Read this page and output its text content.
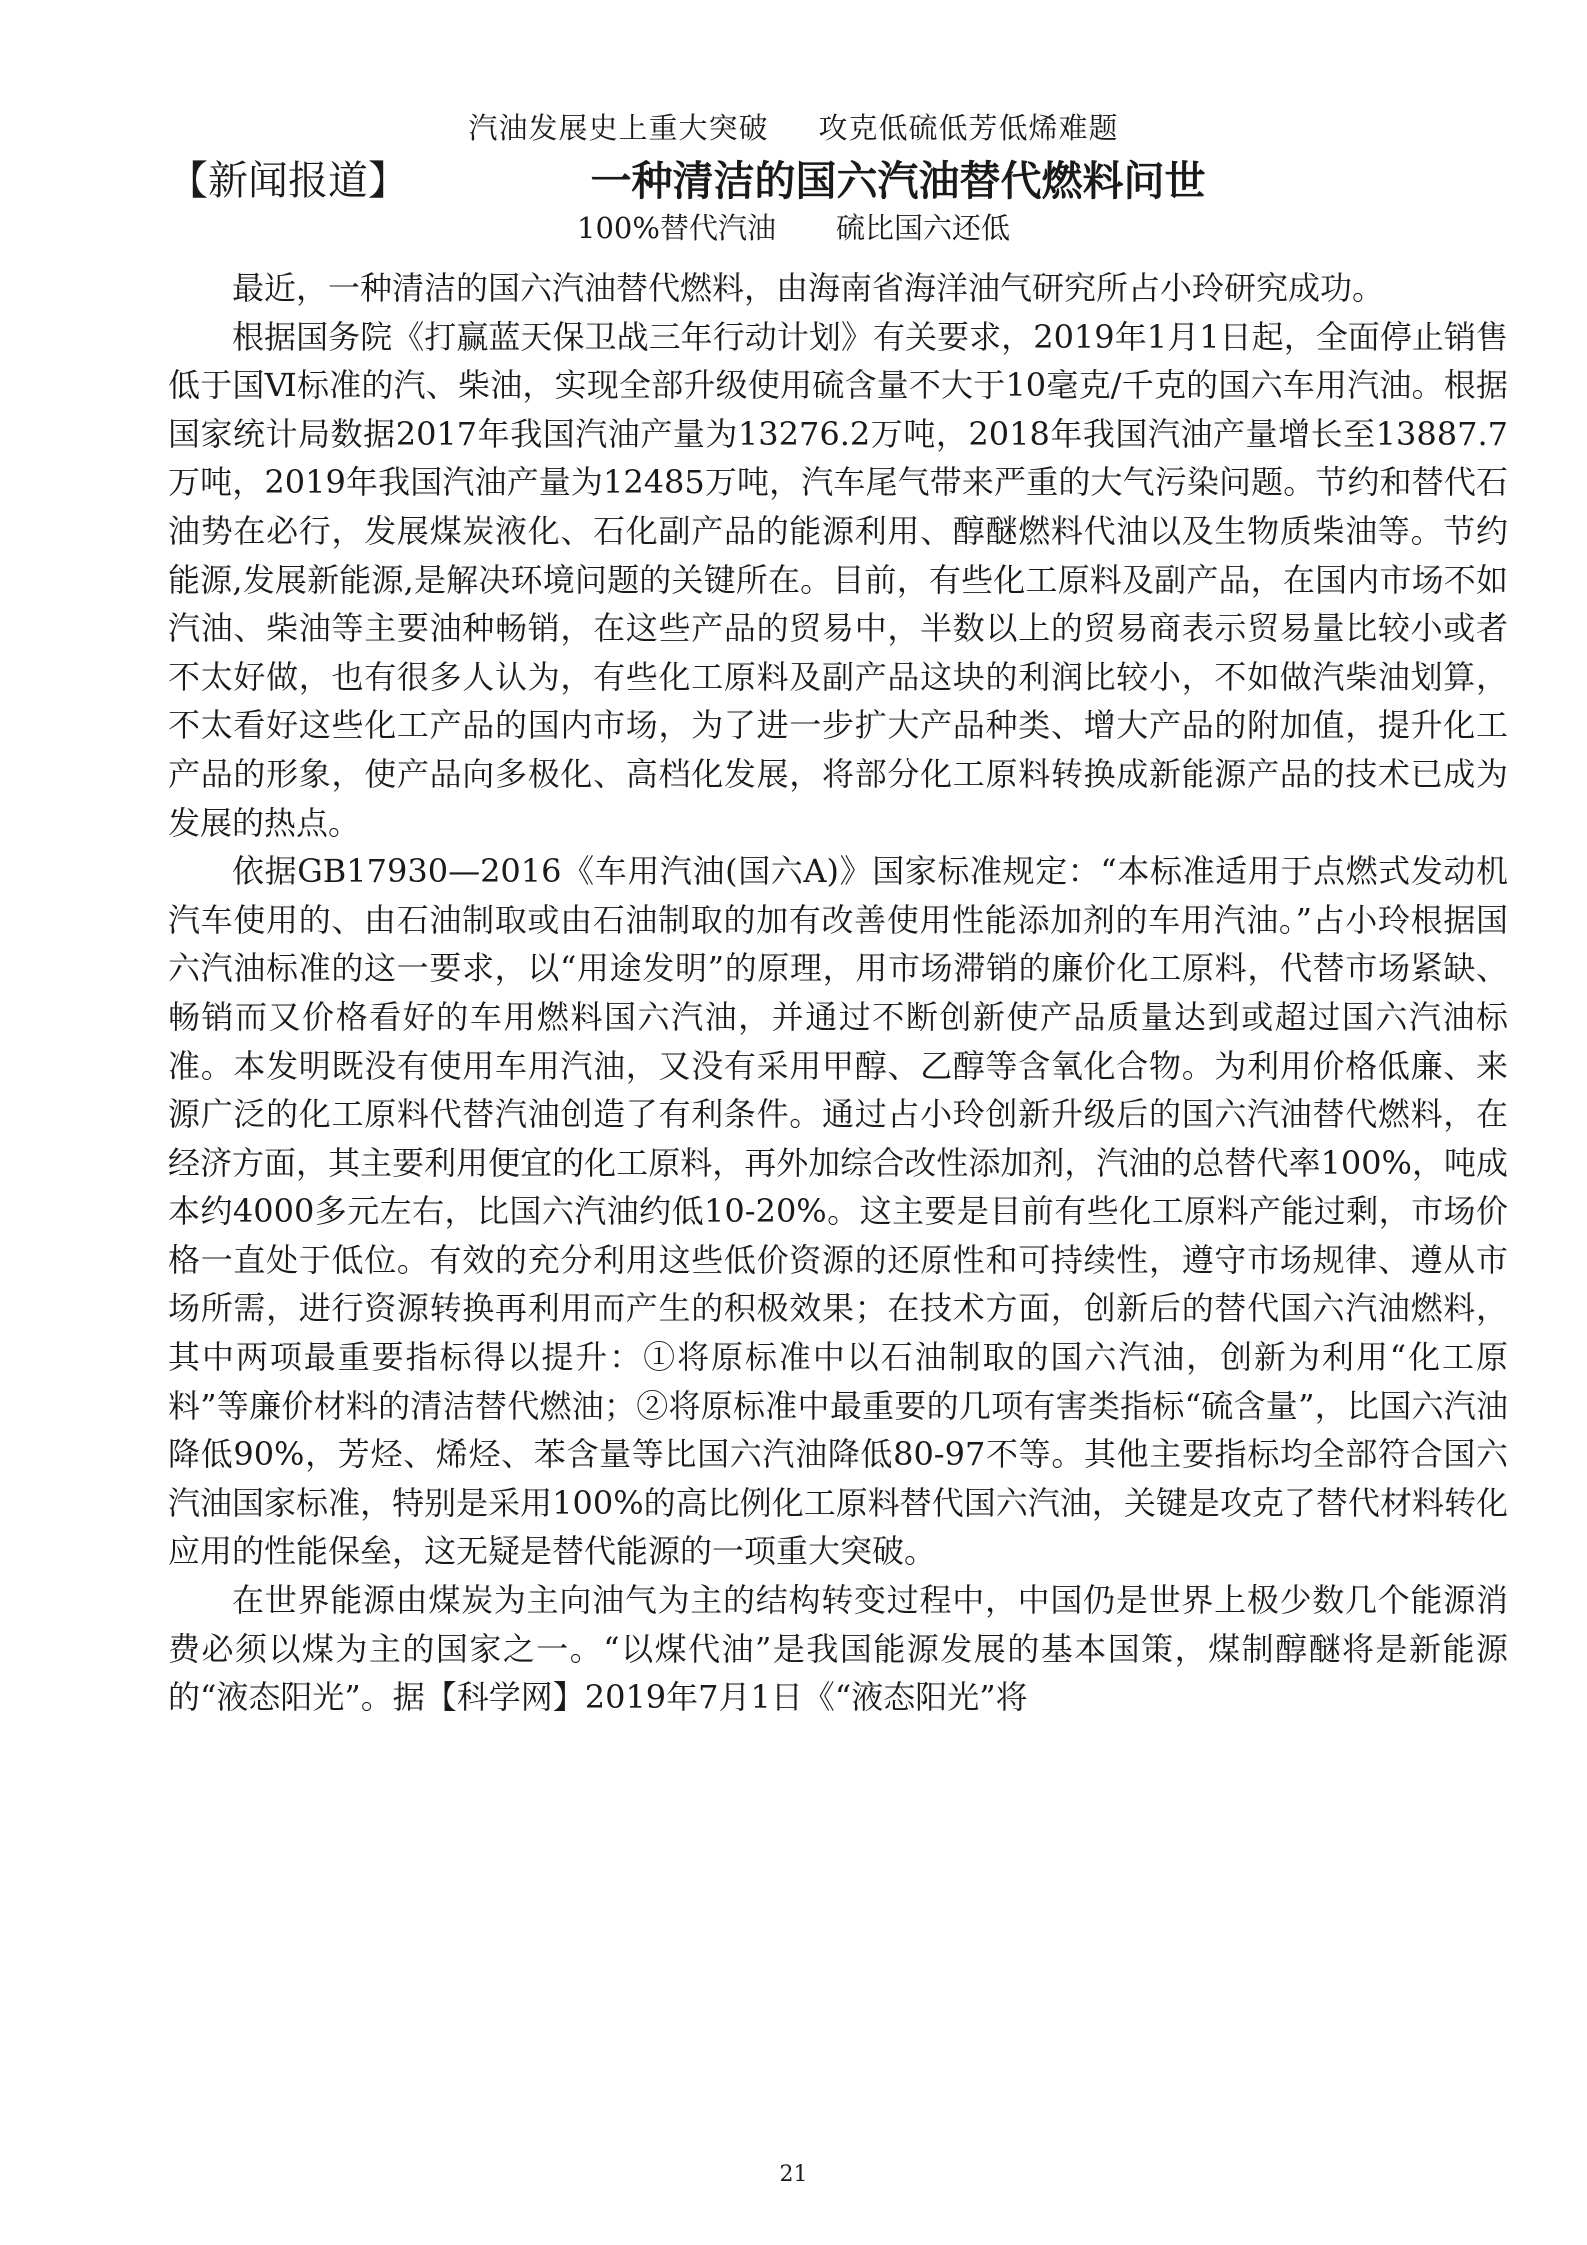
汽油发展史上重大突破 攻克低硫低芳低烯难题
【新闻报道】	一种清洁的国六汽油替代燃料问世
100%替代汽油 硫比国六还低

最近，一种清洁的国六汽油替代燃料，由海南省海洋油气研究所占小玲研究成功。

根据国务院《打赢蓝天保卫战三年行动计划》有关要求，2019年1月1日起，全面停止销售低于国Ⅵ标准的汽、柴油，实现全部升级使用硫含量不大于10毫克/千克的国六车用汽油。根据国家统计局数据2017年我国汽油产量为13276.2万吨，2018年我国汽油产量增长至13887.7万吨，2019年我国汽油产量为12485万吨，汽车尾气带来严重的大气污染问题。节约和替代石油势在必行，发展煤炭液化、石化副产品的能源利用、醇醚燃料代油以及生物质柴油等。节约能源,发展新能源,是解决环境问题的关键所在。目前，有些化工原料及副产品，在国内市场不如汽油、柴油等主要油种畅销，在这些产品的贸易中，半数以上的贸易商表示贸易量比较小或者不太好做，也有很多人认为，有些化工原料及副产品这块的利润比较小，不如做汽柴油划算，不太看好这些化工产品的国内市场，为了进一步扩大产品种类、增大产品的附加值，提升化工产品的形象，使产品向多极化、高档化发展，将部分化工原料转换成新能源产品的技术已成为发展的热点。

依据GB17930—2016《车用汽油(国六A)》国家标准规定：“本标准适用于点燃式发动机汽车使用的、由石油制取或由石油制取的加有改善使用性能添加剂的车用汽油。”占小玲根据国六汽油标准的这一要求，以“用途发明”的原理，用市场滞销的廉价化工原料，代替市场紧缺、畅销而又价格看好的车用燃料国六汽油，并通过不断创新使产品质量达到或超过国六汽油标准。本发明既没有使用车用汽油，又没有采用甲醇、乙醇等含氧化合物。为利用价格低廉、来源广泛的化工原料代替汽油创造了有利条件。通过占小玲创新升级后的国六汽油替代燃料，在经济方面，其主要利用便宜的化工原料，再外加综合改性添加剂，汽油的总替代率100%，吨成本约4000多元左右，比国六汽油约低10-20%。这主要是目前有些化工原料产能过剩，市场价格一直处于低位。有效的充分利用这些低价资源的还原性和可持续性，遵守市场规律、遵从市场所需，进行资源转换再利用而产生的积极效果；在技术方面，创新后的替代国六汽油燃料，其中两项最重要指标得以提升：①将原标准中以石油制取的国六汽油，创新为利用“化工原料”等廉价材料的清洁替代燃油；②将原标准中最重要的几项有害类指标“硫含量”，比国六汽油降低90%，芳烃、烯烃、苯含量等比国六汽油降低80-97不等。其他主要指标均全部符合国六汽油国家标准，特别是采用100%的高比例化工原料替代国六汽油，关键是攻克了替代材料转化应用的性能保垒，这无疑是替代能源的一项重大突破。

在世界能源由煤炭为主向油气为主的结构转变过程中，中国仍是世界上极少数几个能源消费必须以煤为主的国家之一。“以煤代油”是我国能源发展的基本国策，煤制醇醚将是新能源的“液态阳光”。据【科学网】2019年7月1日《“液态阳光”将

21
